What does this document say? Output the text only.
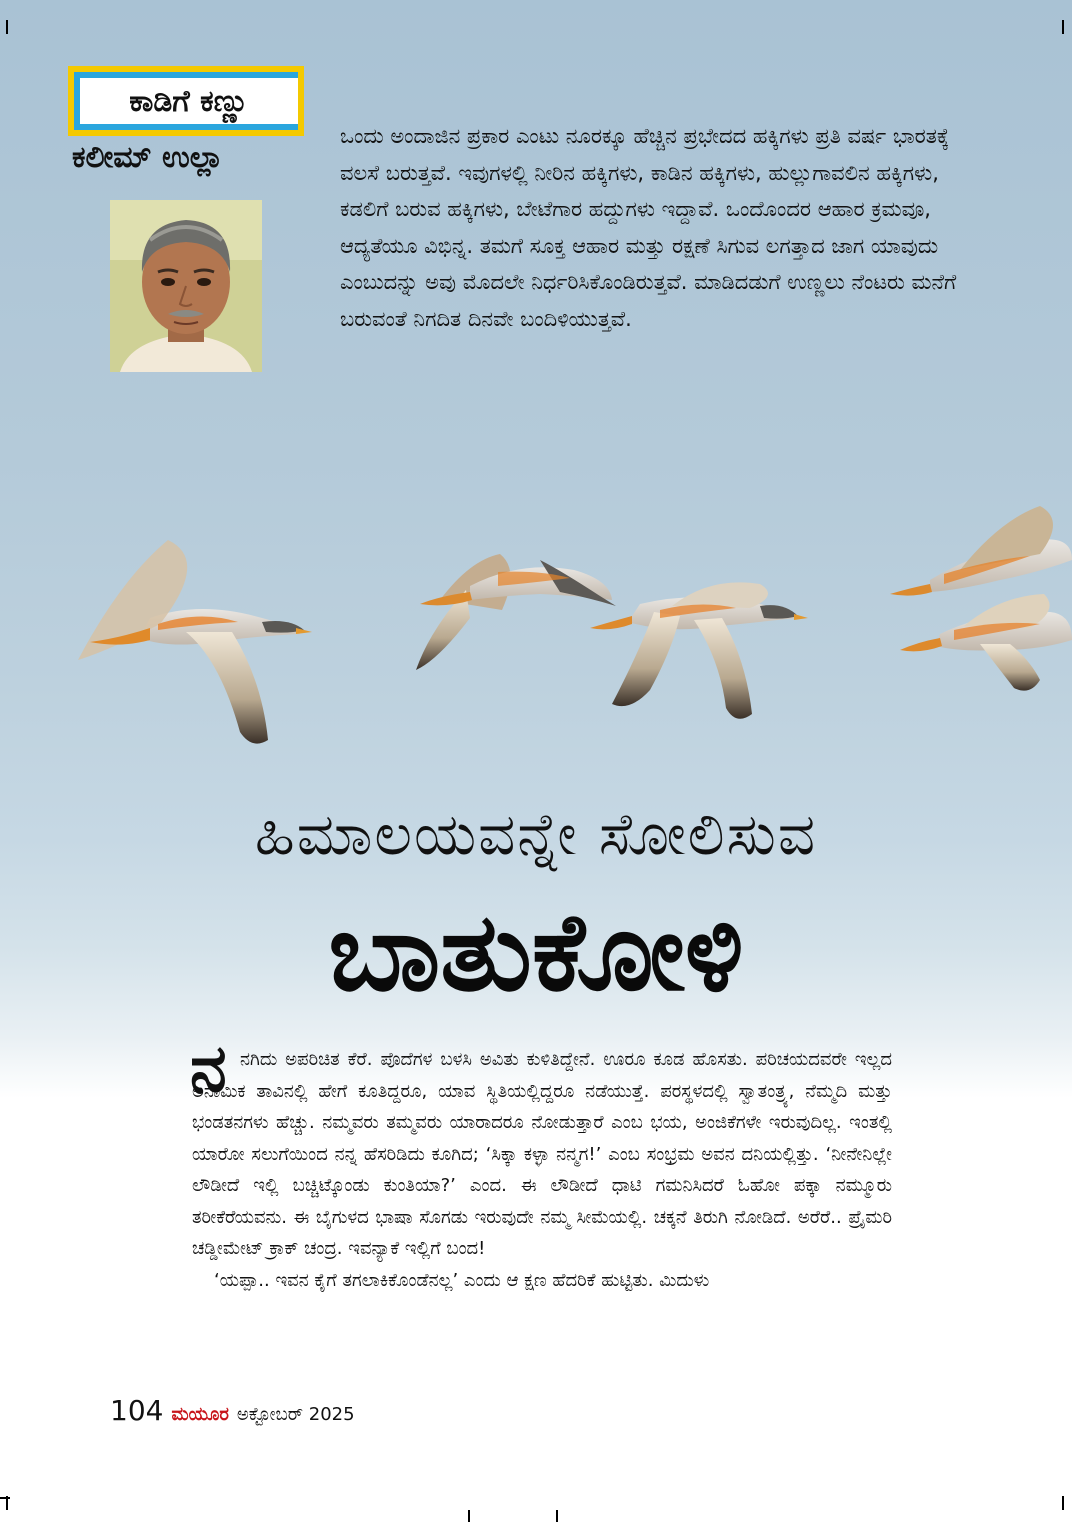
ಕಾಡಿಗೆ ಕಣ್ಣು
ಕಲೀಮ್ ಉಲ್ಲಾ

ಒಂದು ಅಂದಾಜಿನ ಪ್ರಕಾರ ಎಂಟು ನೂರಕ್ಕೂ ಹೆಚ್ಚಿನ ಪ್ರಭೇದದ ಹಕ್ಕಿಗಳು ಪ್ರತಿ ವರ್ಷ ಭಾರತಕ್ಕೆ ವಲಸೆ ಬರುತ್ತವೆ. ಇವುಗಳಲ್ಲಿ ನೀರಿನ ಹಕ್ಕಿಗಳು, ಕಾಡಿನ ಹಕ್ಕಿಗಳು, ಹುಲ್ಲುಗಾವಲಿನ ಹಕ್ಕಿಗಳು, ಕಡಲಿಗೆ ಬರುವ ಹಕ್ಕಿಗಳು, ಬೇಟೆಗಾರ ಹದ್ದುಗಳು ಇದ್ದಾವೆ. ಒಂದೊಂದರ ಆಹಾರ ಕ್ರಮವೂ, ಆದ್ಯತೆಯೂ ವಿಭಿನ್ನ. ತಮಗೆ ಸೂಕ್ತ ಆಹಾರ ಮತ್ತು ರಕ್ಷಣೆ ಸಿಗುವ ಲಗತ್ತಾದ ಜಾಗ ಯಾವುದು ಎಂಬುದನ್ನು ಅವು ಮೊದಲೇ ನಿರ್ಧರಿಸಿಕೊಂಡಿರುತ್ತವೆ. ಮಾಡಿದಡುಗೆ ಉಣ್ಣಲು ನೆಂಟರು ಮನೆಗೆ ಬರುವಂತೆ ನಿಗದಿತ ದಿನವೇ ಬಂದಿಳಿಯುತ್ತವೆ.

ಹಿಮಾಲಯವನ್ನೇ ಸೋಲಿಸುವ
ಬಾತುಕೋಳಿ
ನ ನಗಿದು ಅಪರಿಚಿತ ಕೆರೆ. ಪೊದೆಗಳ ಬಳಸಿ ಅವಿತು ಕುಳಿತಿದ್ದೇನೆ. ಊರೂ ಕೂಡ ಹೊಸತು. ಪರಿಚಯದವರೇ ಇಲ್ಲದ ಅನಾಮಿಕ ತಾವಿನಲ್ಲಿ ಹೇಗೆ ಕೂತಿದ್ದರೂ, ಯಾವ ಸ್ಥಿತಿಯಲ್ಲಿದ್ದರೂ ನಡೆಯುತ್ತೆ. ಪರಸ್ಥಳದಲ್ಲಿ ಸ್ವಾತಂತ್ರ್ಯ, ನೆಮ್ಮದಿ ಮತ್ತು ಭಂಡತನಗಳು ಹೆಚ್ಚು. ನಮ್ಮವರು ತಮ್ಮವರು ಯಾರಾದರೂ ನೋಡುತ್ತಾರೆ ಎಂಬ ಭಯ, ಅಂಜಿಕೆಗಳೇ ಇರುವುದಿಲ್ಲ. ಇಂತಲ್ಲಿ ಯಾರೋ ಸಲುಗೆಯಿಂದ ನನ್ನ ಹೆಸರಿಡಿದು ಕೂಗಿದ; ‘ಸಿಕ್ಕಾ ಕಳ್ಳಾ ನನ್ಮಗ!’ ಎಂಬ ಸಂಭ್ರಮ ಅವನ ದನಿಯಲ್ಲಿತ್ತು. ‘ನೀನೇನಿಲ್ಲೇ ಲೌಡೀದೆ ಇಲ್ಲಿ ಬಚ್ಚಿಟ್ಕೊಂಡು ಕುಂತಿಯಾ?’ ಎಂದ. ಈ ಲೌಡೀದೆ ಧಾಟಿ ಗಮನಿಸಿದರೆ ಓಹೋ ಪಕ್ಕಾ ನಮ್ಮೂರು ತರೀಕೆರೆಯವನು. ಈ ಬೈಗುಳದ ಭಾಷಾ ಸೊಗಡು ಇರುವುದೇ ನಮ್ಮ ಸೀಮೆಯಲ್ಲಿ. ಚಕ್ಕನೆ ತಿರುಗಿ ನೋಡಿದೆ. ಅರೆರೆ.. ಪ್ರೈಮರಿ ಚಡ್ಡೀಮೇಟ್ ಕ್ರಾಕ್ ಚಂದ್ರ. ಇವನ್ಯಾಕೆ ಇಲ್ಲಿಗೆ ಬಂದ!

‘ಯಪ್ಪಾ.. ಇವನ ಕೈಗೆ ತಗಲಾಕಿಕೊಂಡೆನಲ್ಲ’ ಎಂದು ಆ ಕ್ಷಣ ಹೆದರಿಕೆ ಹುಟ್ಟಿತು. ಮಿದುಳು

104 ಮಯೂರ ಅಕ್ಟೋಬರ್ 2025
